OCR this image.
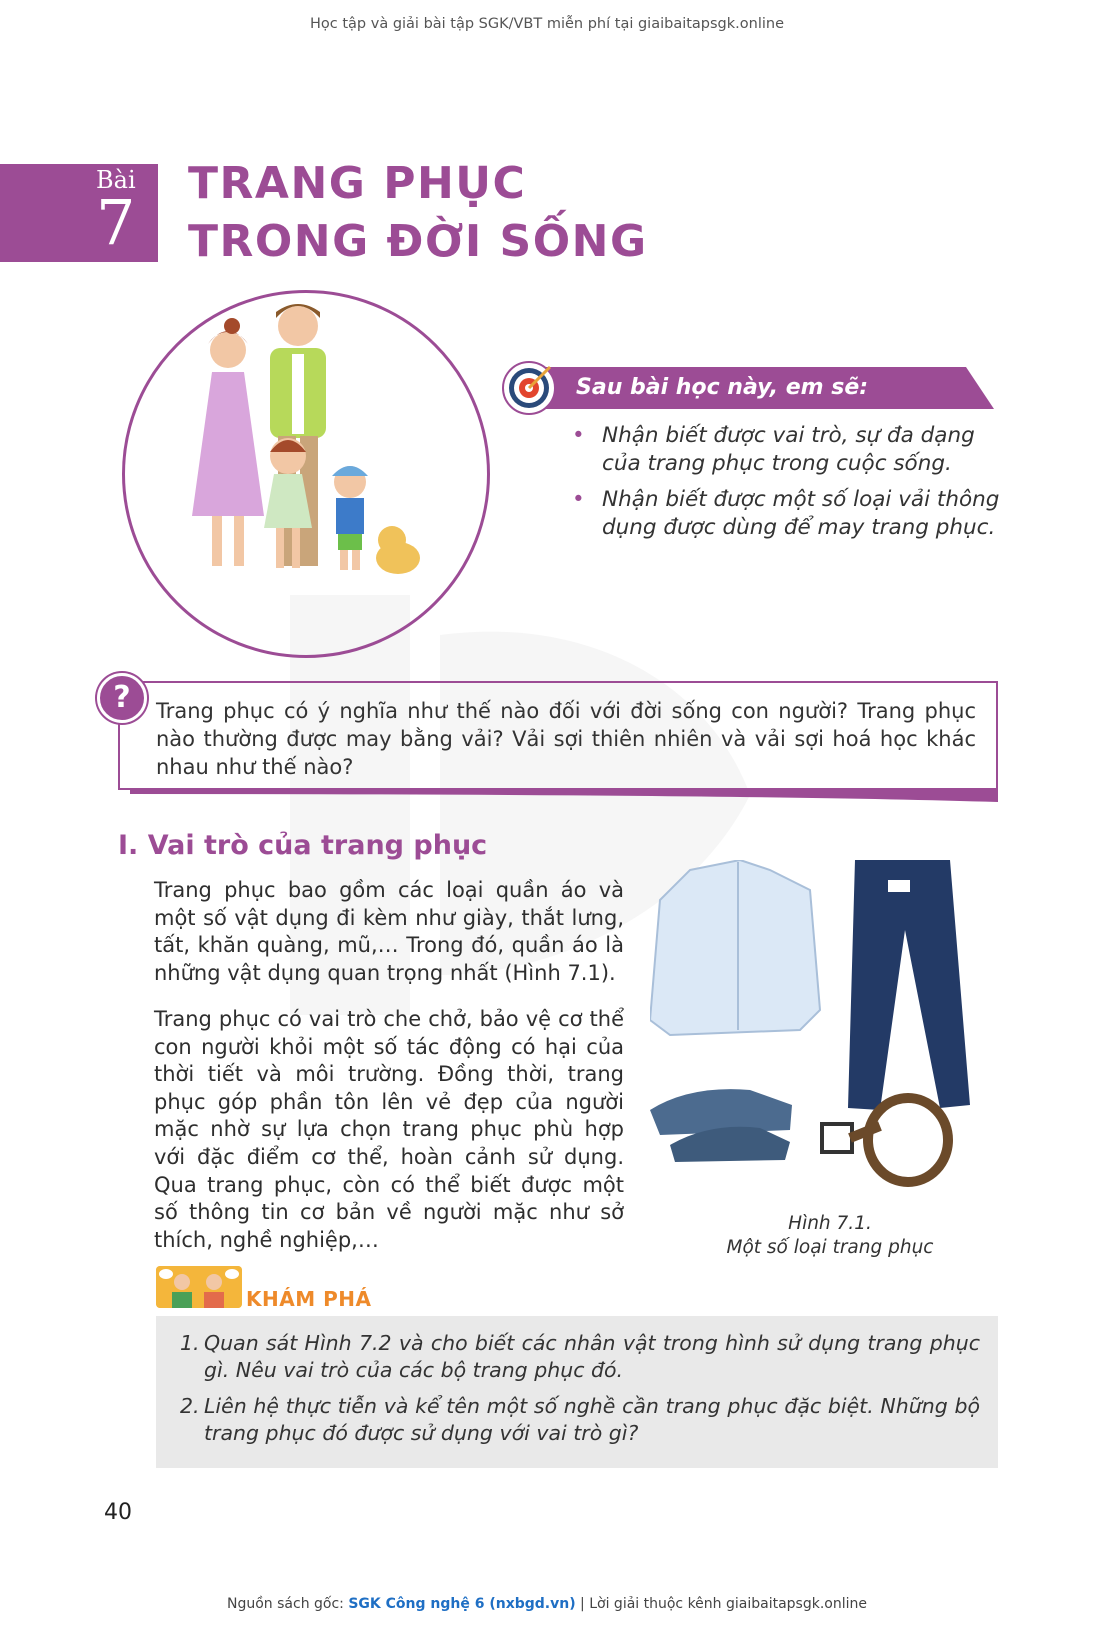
Học tập và giải bài tập SGK/VBT miễn phí tại giaibaitapsgk.online
Bài
7
TRANG PHỤC
TRONG ĐỜI SỐNG
Sau bài học này, em sẽ:
• Nhận biết được vai trò, sự đa dạng của trang phục trong cuộc sống.
• Nhận biết được một số loại vải thông dụng được dùng để may trang phục.
?	Trang phục có ý nghĩa như thế nào đối với đời sống con người? Trang phục nào thường được may bằng vải? Vải sợi thiên nhiên và vải sợi hoá học khác nhau như thế nào?
I. Vai trò của trang phục
Trang phục bao gồm các loại quần áo và một số vật dụng đi kèm như giày, thắt lưng, tất, khăn quàng, mũ,… Trong đó, quần áo là những vật dụng quan trọng nhất (Hình 7.1).
Trang phục có vai trò che chở, bảo vệ cơ thể con người khỏi một số tác động có hại của thời tiết và môi trường. Đồng thời, trang phục góp phần tôn lên vẻ đẹp của người mặc nhờ sự lựa chọn trang phục phù hợp với đặc điểm cơ thể, hoàn cảnh sử dụng. Qua trang phục, còn có thể biết được một số thông tin cơ bản về người mặc như sở thích, nghề nghiệp,…
Hình 7.1.
Một số loại trang phục
KHÁM PHÁ
1. Quan sát Hình 7.2 và cho biết các nhân vật trong hình sử dụng trang phục gì. Nêu vai trò của các bộ trang phục đó.
2. Liên hệ thực tiễn và kể tên một số nghề cần trang phục đặc biệt. Những bộ trang phục đó được sử dụng với vai trò gì?
40
Nguồn sách gốc: SGK Công nghệ 6 (nxbgd.vn) | Lời giải thuộc kênh giaibaitapsgk.online
